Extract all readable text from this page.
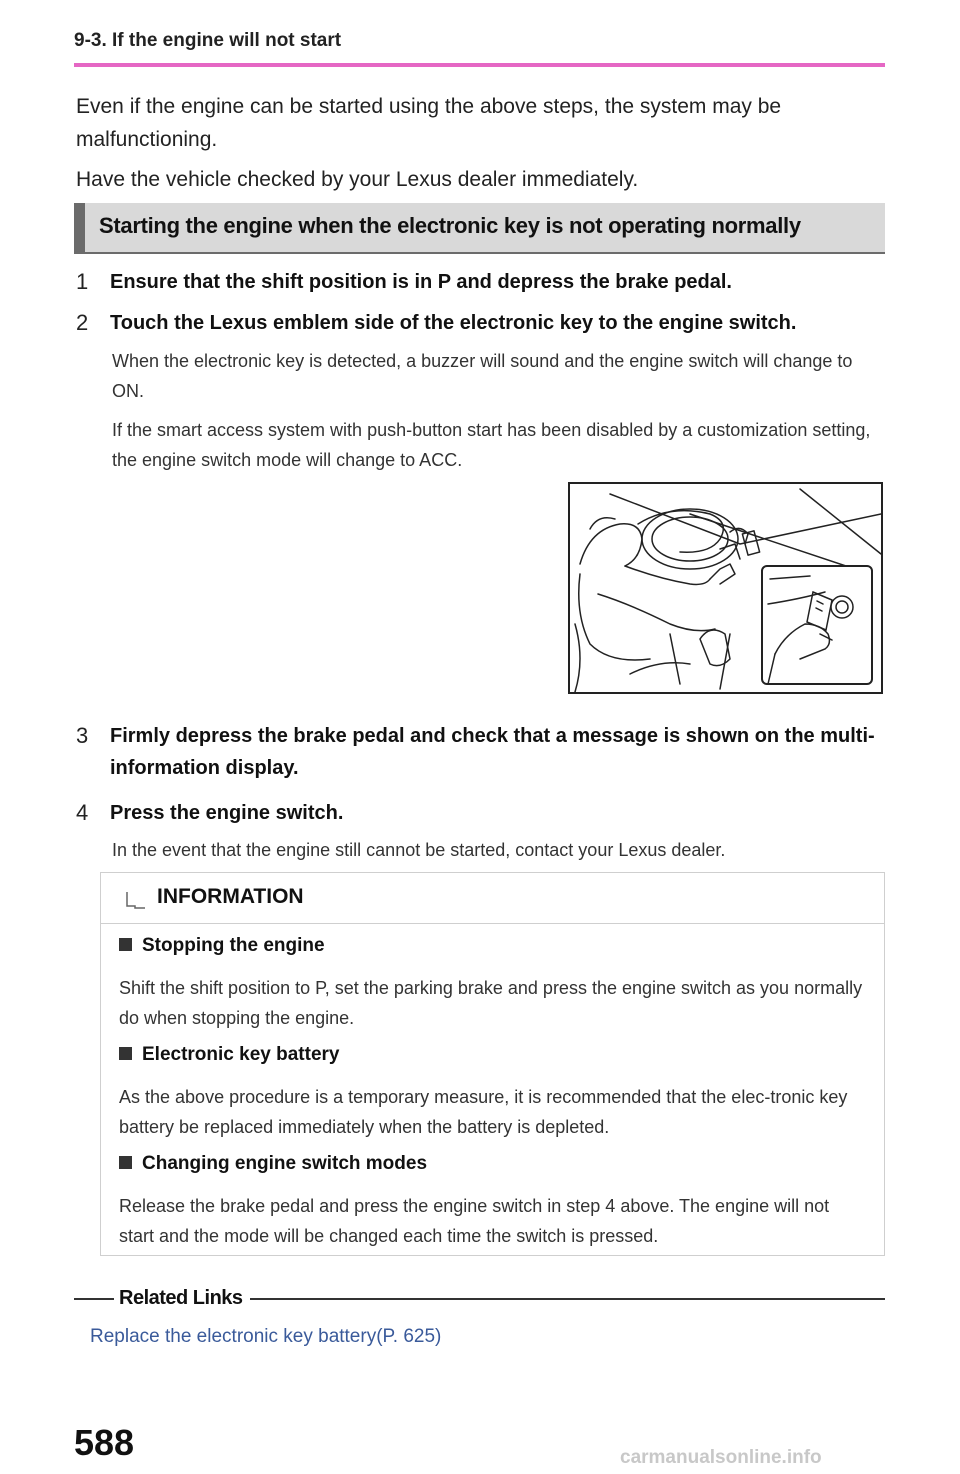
9-3. If the engine will not start
Even if the engine can be started using the above steps, the system may be malfunctioning.
Have the vehicle checked by your Lexus dealer immediately.
Starting the engine when the electronic key is not operating normally
1	Ensure that the shift position is in P and depress the brake pedal.
2	Touch the Lexus emblem side of the electronic key to the engine switch.
When the electronic key is detected, a buzzer will sound and the engine switch will change to ON.
If the smart access system with push-button start has been disabled by a customization setting, the engine switch mode will change to ACC.
3	Firmly depress the brake pedal and check that a message is shown on the multi-information display.
4	Press the engine switch.
In the event that the engine still cannot be started, contact your Lexus dealer.
INFORMATION
Stopping the engine
Shift the shift position to P, set the parking brake and press the engine switch as you normally do when stopping the engine.
Electronic key battery
As the above procedure is a temporary measure, it is recommended that the elec-tronic key battery be replaced immediately when the battery is depleted.
Changing engine switch modes
Release the brake pedal and press the engine switch in step 4 above. The engine will not start and the mode will be changed each time the switch is pressed.
Related Links
Replace the electronic key battery(P. 625)
588	carmanualsonline.info
